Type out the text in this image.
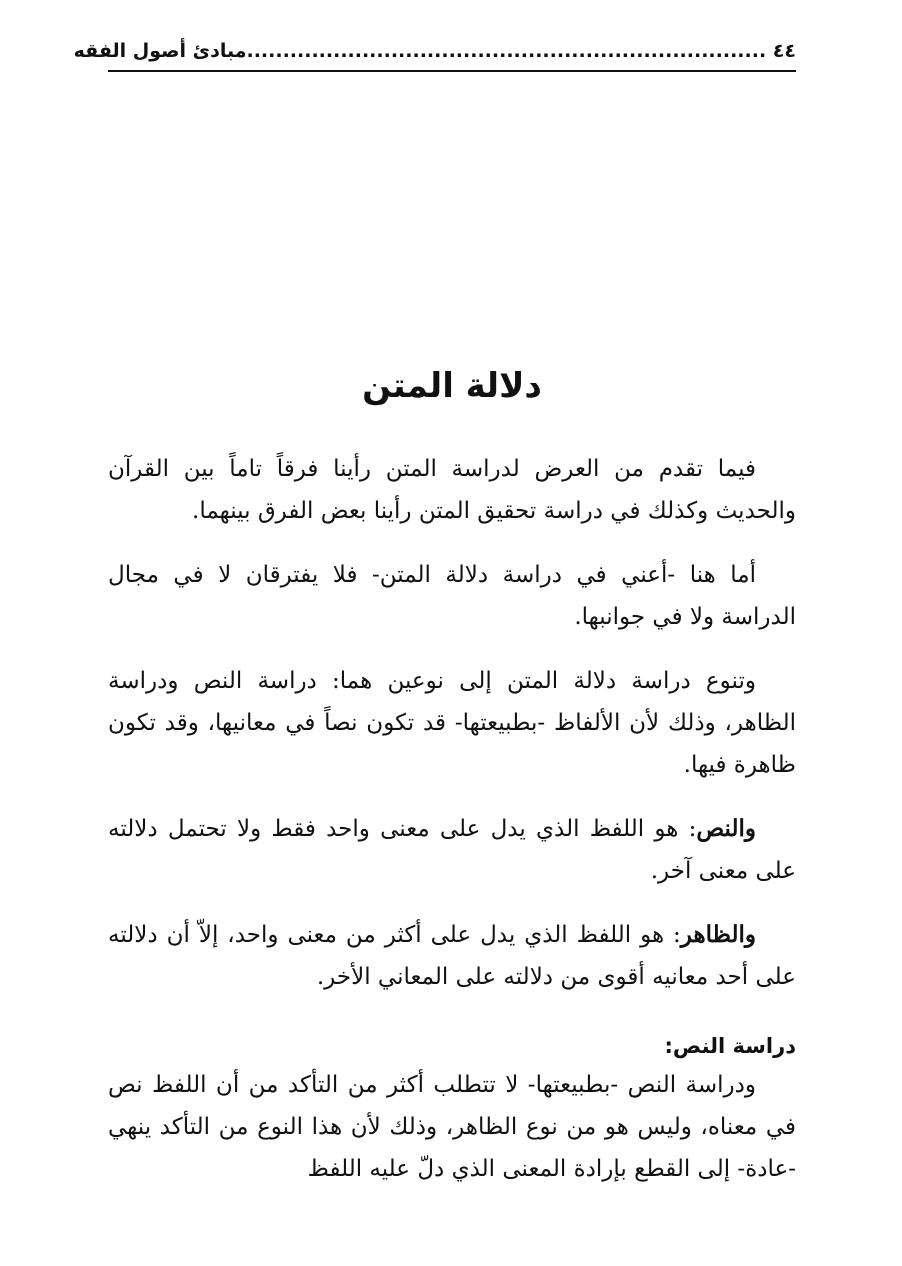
٤٤ ........................................................................مبادئ أصول الفقه
دلالة المتن

فيما تقدم من العرض لدراسة المتن رأينا فرقاً تاماً بين القرآن والحديث وكذلك في دراسة تحقيق المتن رأينا بعض الفرق بينهما.

أما هنا -أعني في دراسة دلالة المتن- فلا يفترقان لا في مجال الدراسة ولا في جوانبها.

وتنوع دراسة دلالة المتن إلى نوعين هما: دراسة النص ودراسة الظاهر، وذلك لأن الألفاظ -بطبيعتها- قد تكون نصاً في معانيها، وقد تكون ظاهرة فيها.

والنص: هو اللفظ الذي يدل على معنى واحد فقط ولا تحتمل دلالته على معنى آخر.

والظاهر: هو اللفظ الذي يدل على أكثر من معنى واحد، إلاّ أن دلالته على أحد معانيه أقوى من دلالته على المعاني الأخر.

دراسة النص:

ودراسة النص -بطبيعتها- لا تتطلب أكثر من التأكد من أن اللفظ نص في معناه، وليس هو من نوع الظاهر، وذلك لأن هذا النوع من التأكد ينهي -عادة- إلى القطع بإرادة المعنى الذي دلّ عليه اللفظ
